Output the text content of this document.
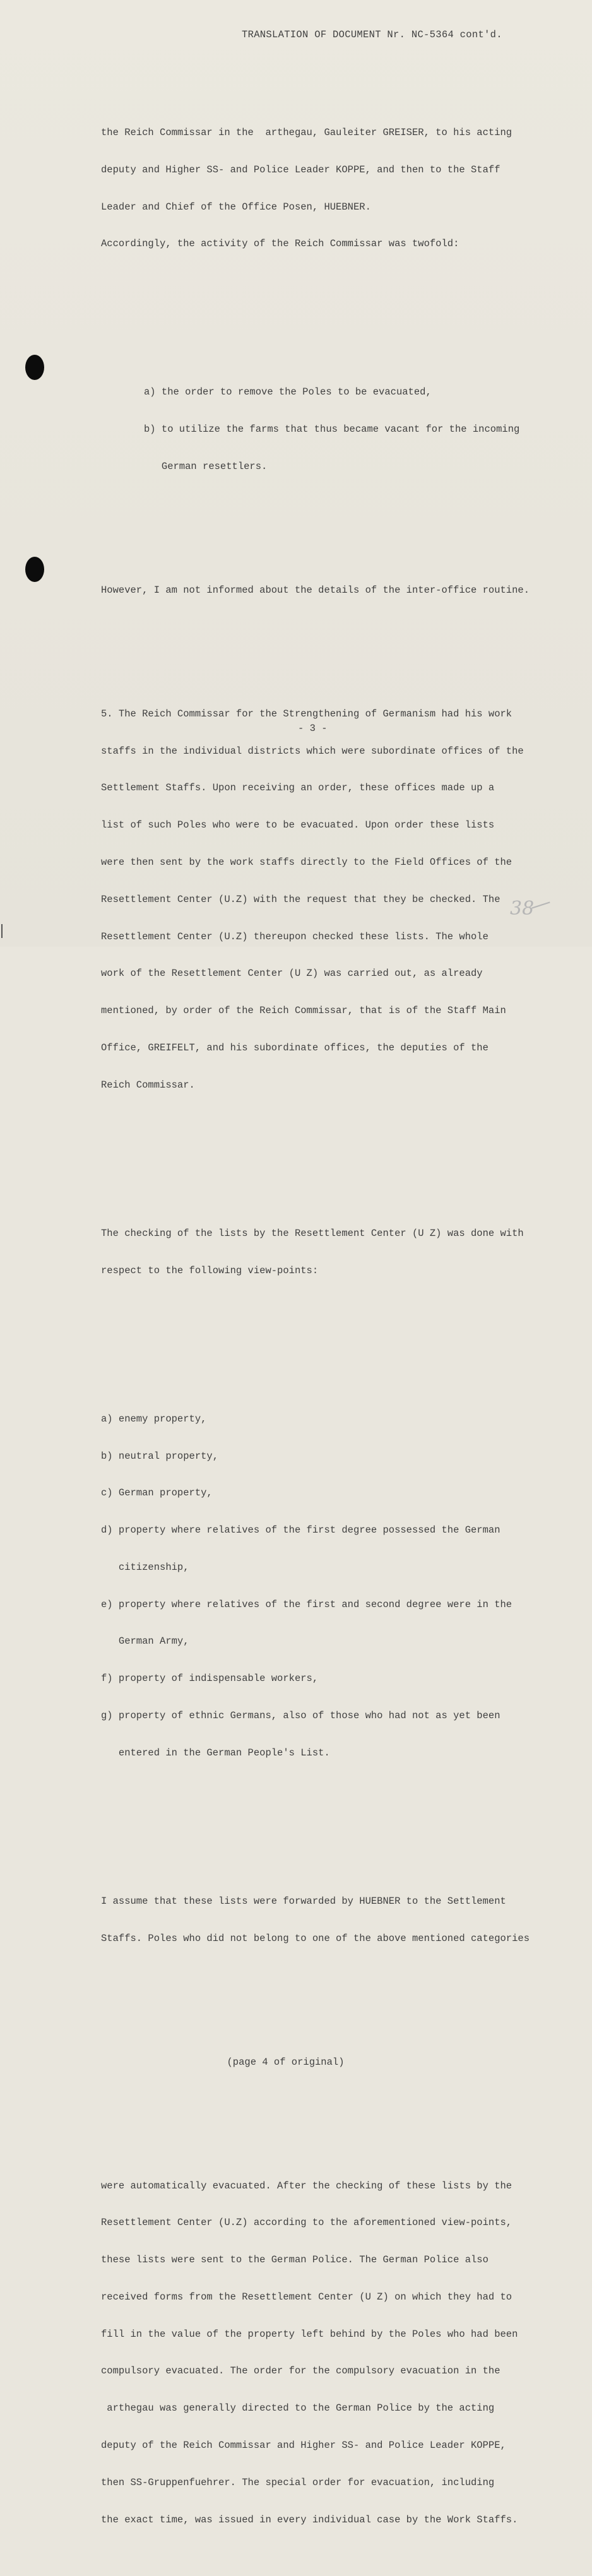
TRANSLATION OF DOCUMENT Nr. NC-5364 cont'd.

the Reich Commissar in the  arthegau, Gauleiter GREISER, to his acting

deputy and Higher SS- and Police Leader KOPPE, and then to the Staff

Leader and Chief of the Office Posen, HUEBNER.

Accordingly, the activity of the Reich Commissar was twofold:

a) the order to remove the Poles to be evacuated,

b) to utilize the farms that thus became vacant for the incoming

German resettlers.

However, I am not informed about the details of the inter-office routine.

5. The Reich Commissar for the Strengthening of Germanism had his work

staffs in the individual districts which were subordinate offices of the

Settlement Staffs. Upon receiving an order, these offices made up a

list of such Poles who were to be evacuated. Upon order these lists

were then sent by the work staffs directly to the Field Offices of the

Resettlement Center (U.Z) with the request that they be checked. The

Resettlement Center (U.Z) thereupon checked these lists. The whole

work of the Resettlement Center (U Z) was carried out, as already

mentioned, by order of the Reich Commissar, that is of the Staff Main

Office, GREIFELT, and his subordinate offices, the deputies of the

Reich Commissar.

The checking of the lists by the Resettlement Center (U Z) was done with

respect to the following view-points:

a) enemy property,

b) neutral property,

c) German property,

d) property where relatives of the first degree possessed the German

citizenship,

e) property where relatives of the first and second degree were in the

German Army,

f) property of indispensable workers,

g) property of ethnic Germans, also of those who had not as yet been

entered in the German People's List.

I assume that these lists were forwarded by HUEBNER to the Settlement

Staffs. Poles who did not belong to one of the above mentioned categories

(page 4 of original)

were automatically evacuated. After the checking of these lists by the

Resettlement Center (U.Z) according to the aforementioned view-points,

these lists were sent to the German Police. The German Police also

received forms from the Resettlement Center (U Z) on which they had to

fill in the value of the property left behind by the Poles who had been

compulsory evacuated. The order for the compulsory evacuation in the

arthegau was generally directed to the German Police by the acting

deputy of the Reich Commissar and Higher SS- and Police Leader KOPPE,

then SS-Gruppenfuehrer. The special order for evacuation, including

the exact time, was issued in every individual case by the Work Staffs.

- 3 -
38
